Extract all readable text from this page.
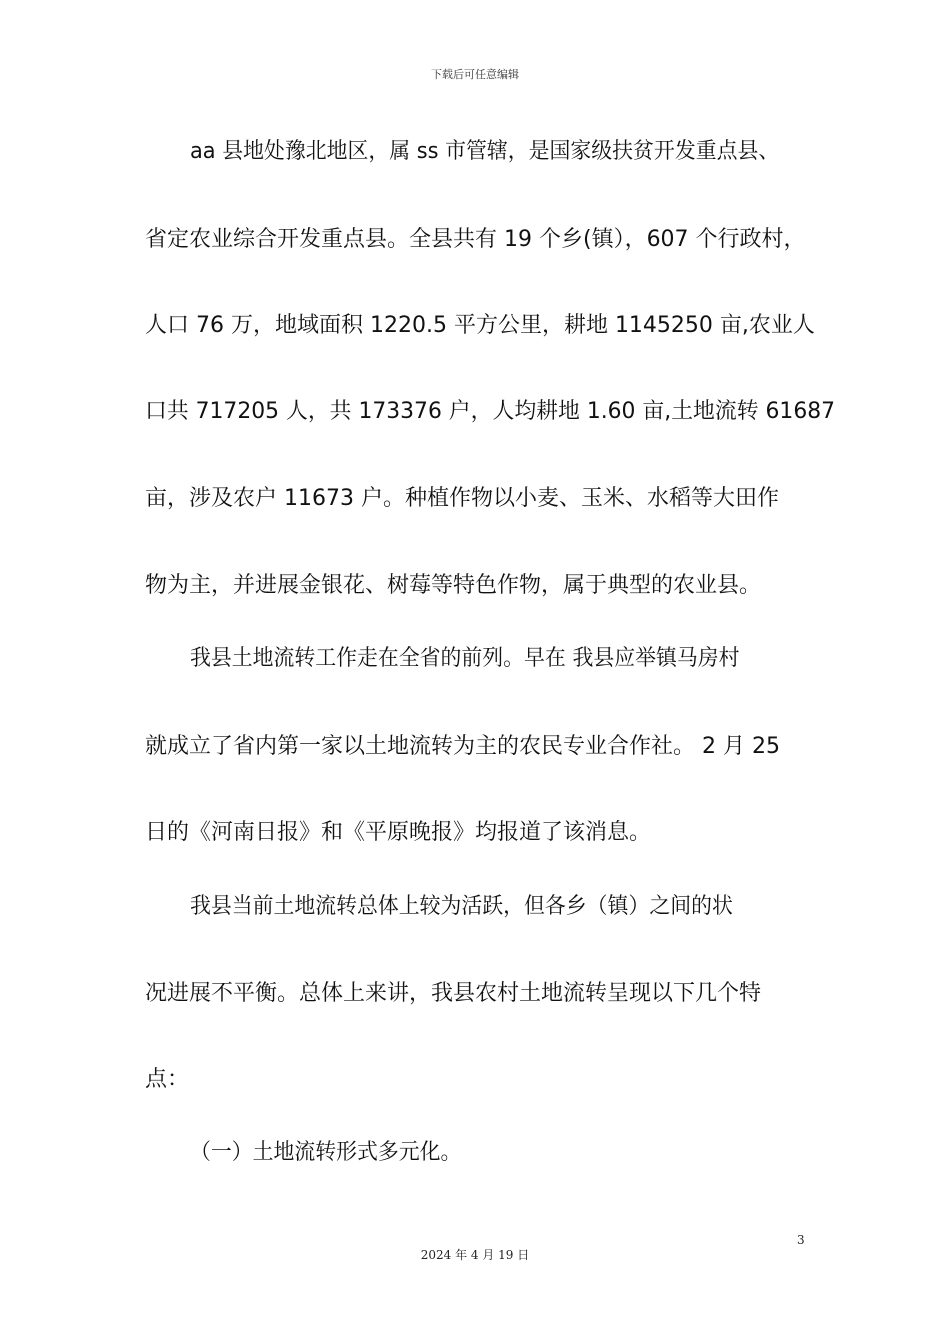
下载后可任意编辑
aa 县地处豫北地区，属 ss 市管辖，是国家级扶贫开发重点县、
省定农业综合开发重点县。全县共有 19 个乡(镇），607 个行政村，
人口 76 万，地域面积 1220.5 平方公里，耕地 1145250 亩,农业人
口共 717205 人，共 173376 户，人均耕地 1.60 亩,土地流转 61687
亩，涉及农户 11673 户。种植作物以小麦、玉米、水稻等大田作
物为主，并进展金银花、树莓等特色作物，属于典型的农业县。
我县土地流转工作走在全省的前列。早在 我县应举镇马房村
就成立了省内第一家以土地流转为主的农民专业合作社。 2 月 25
日的《河南日报》和《平原晚报》均报道了该消息。
我县当前土地流转总体上较为活跃，但各乡（镇）之间的状
况进展不平衡。总体上来讲，我县农村土地流转呈现以下几个特
点：
（一）土地流转形式多元化。
3
2024 年 4 月 19 日
